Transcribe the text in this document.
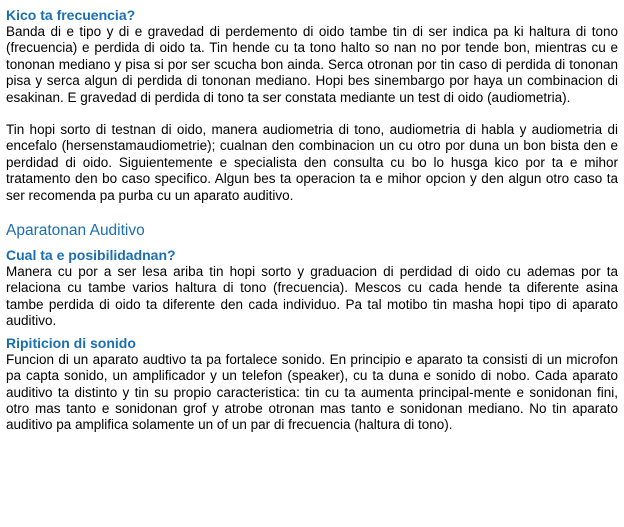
Kico ta frecuencia?

Banda di e tipo y di e gravedad di perdemento di oido tambe tin di ser indica pa ki haltura di tono (frecuencia) e perdida di oido ta. Tin hende cu ta tono halto so nan no por tende bon, mientras cu e tononan mediano y pisa si por ser scucha bon ainda. Serca otronan por tin caso di perdida di tononan pisa y serca algun di perdida di tononan mediano. Hopi bes sinembargo por haya un combinacion di esakinan. E gravedad di perdida di tono ta ser constata mediante un test di oido (audiometria).

Tin hopi sorto di testnan di oido, manera audiometria di tono, audiometria di habla y audiometria di encefalo (hersenstamaudiometrie); cualnan den combinacion un cu otro por duna un bon bista den e perdidad di oido. Siguientemente e specialista den consulta cu bo lo husga kico por ta e mihor tratamento den bo caso specifico. Algun bes ta operacion ta e mihor opcion y den algun otro caso ta ser recomenda pa purba cu un aparato auditivo.

Aparatonan Auditivo
Cual ta e posibilidadnan?

Manera cu por a ser lesa ariba tin hopi sorto y graduacion di perdidad di oido cu ademas por ta relaciona cu tambe varios haltura di tono (frecuencia). Mescos cu cada hende ta diferente asina tambe perdida di oido ta diferente den cada individuo. Pa tal motibo tin masha hopi tipo di aparato auditivo.

Ripiticion di sonido

Funcion di un aparato audtivo ta pa fortalece sonido. En principio e aparato ta consisti di un microfon pa capta sonido, un amplificador y un telefon (speaker), cu ta duna e sonido di nobo. Cada aparato auditivo ta distinto y tin su propio caracteristica: tin cu ta aumenta principal-mente e sonidonan fini, otro mas tanto e sonidonan grof y atrobe otronan mas tanto e sonidonan mediano. No tin aparato auditivo pa amplifica solamente un of un par di frecuencia (haltura di tono).
